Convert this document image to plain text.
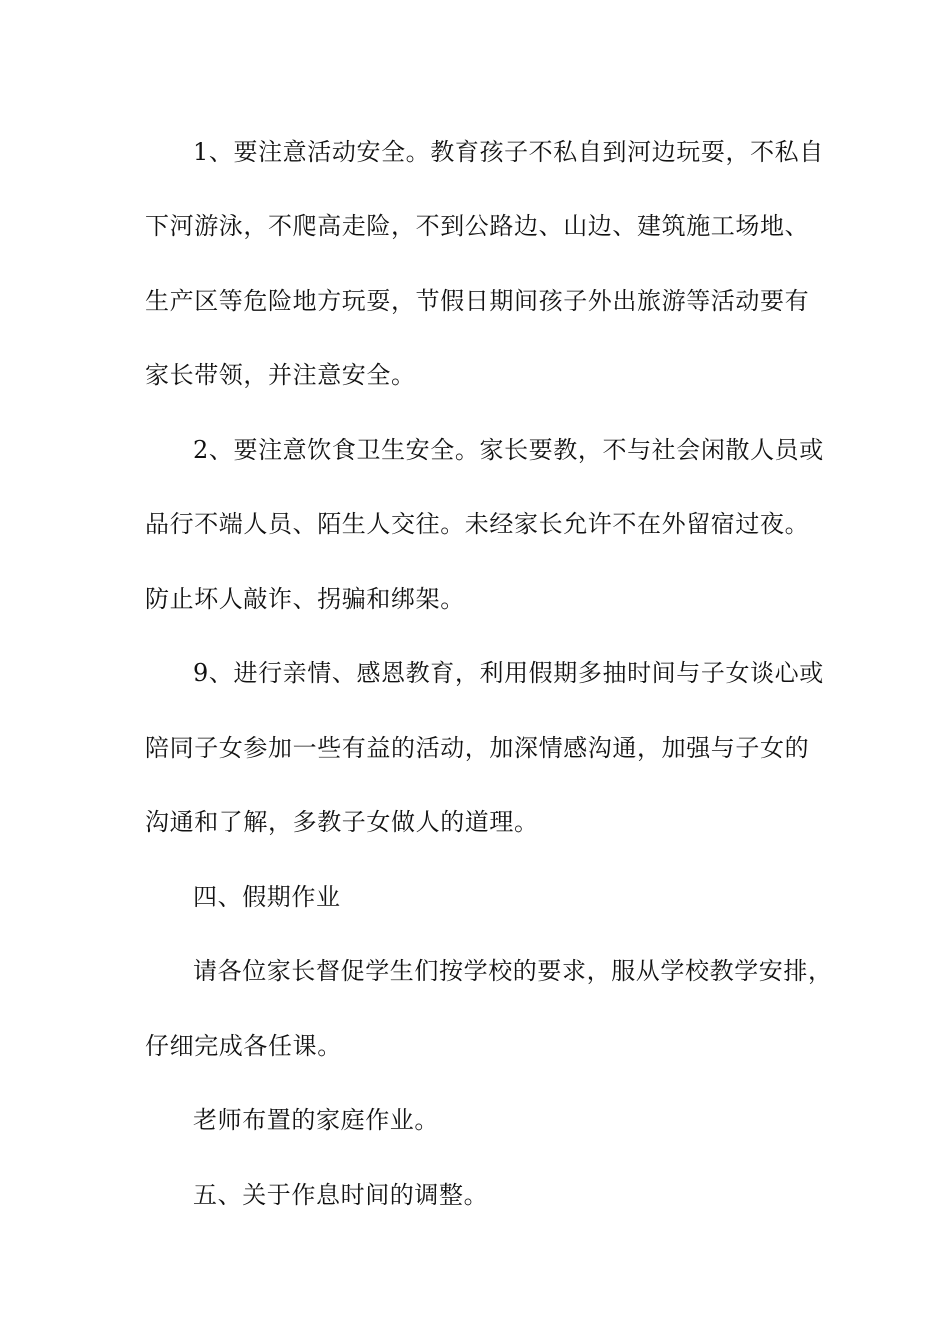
1、要注意活动安全。教育孩子不私自到河边玩耍，不私自
下河游泳，不爬高走险，不到公路边、山边、建筑施工场地、
生产区等危险地方玩耍，节假日期间孩子外出旅游等活动要有
家长带领，并注意安全。
2、要注意饮食卫生安全。家长要教，不与社会闲散人员或
品行不端人员、陌生人交往。未经家长允许不在外留宿过夜。
防止坏人敲诈、拐骗和绑架。
9、进行亲情、感恩教育，利用假期多抽时间与子女谈心或
陪同子女参加一些有益的活动，加深情感沟通，加强与子女的
沟通和了解，多教子女做人的道理。
四、假期作业
请各位家长督促学生们按学校的要求，服从学校教学安排，
仔细完成各任课。
老师布置的家庭作业。
五、关于作息时间的调整。
